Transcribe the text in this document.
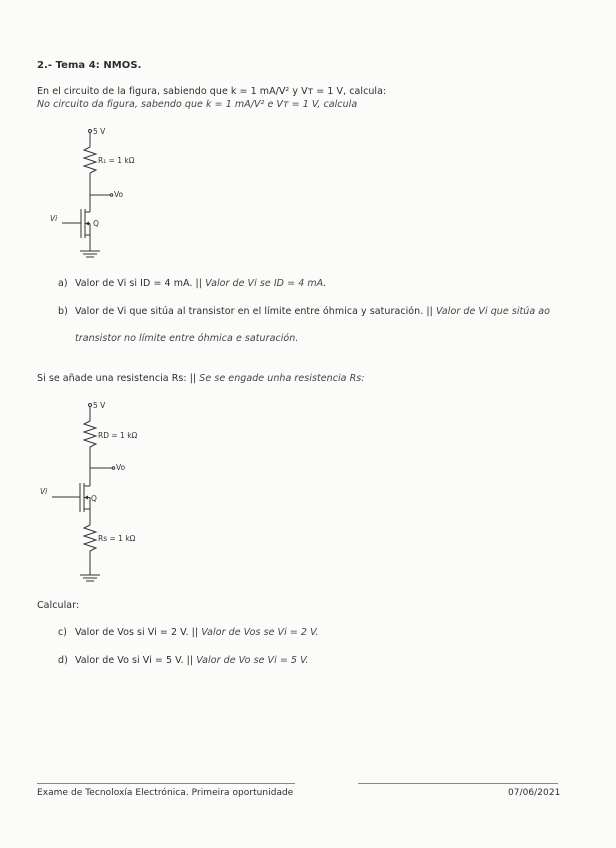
2.- Tema 4: NMOS.
En el circuito de la figura, sabiendo que k = 1 mA/V² y Vт = 1 V, calcula:
No circuito da figura, sabendo que k = 1 mA/V² e Vт = 1 V, calcula
5 V
R₁ = 1 kΩ
Vo
Vi
Q
a) Valor de Vi si ID = 4 mA. || Valor de Vi se ID = 4 mA.
b) Valor de Vi que sitúa al transistor en el límite entre óhmica y saturación. || Valor de Vi que sitúa ao
transistor no límite entre óhmica e saturación.
Si se añade una resistencia Rs: || Se se engade unha resistencia Rs:
5 V
RD = 1 kΩ
Vo
Vi
Q
Rs = 1 kΩ
Calcular:
c) Valor de Vos si Vi = 2 V. || Valor de Vos se Vi = 2 V.
d) Valor de Vo si Vi = 5 V. || Valor de Vo se Vi = 5 V.
Exame de Tecnoloxía Electrónica. Primeira oportunidade	07/06/2021
